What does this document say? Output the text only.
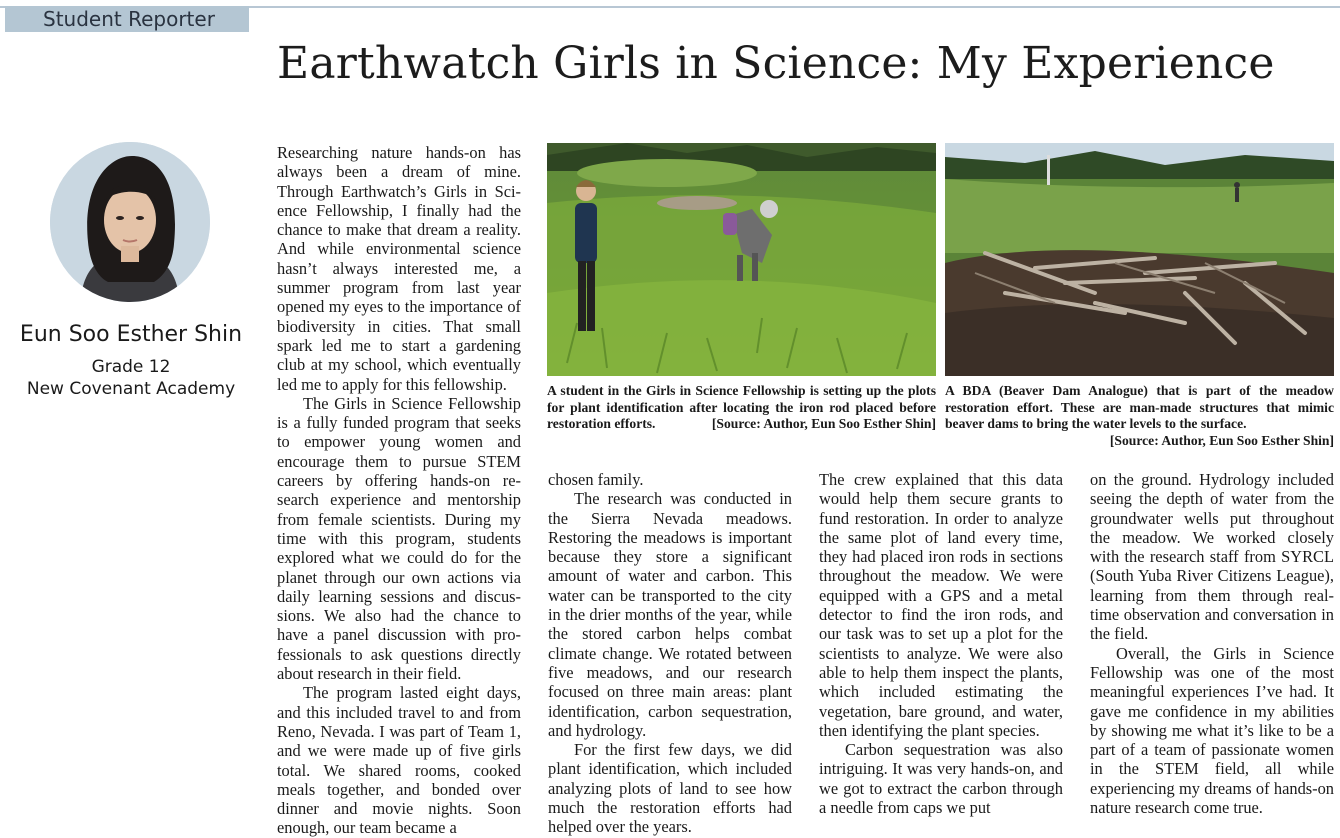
Student Reporter
Earthwatch Girls in Science: My Experience
Eun Soo Esther Shin
Grade 12
New Covenant Academy

Researching nature hands-on has always been a dream of mine. Through Earthwatch’s Girls in Science Fellowship, I finally had the chance to make that dream a reality. And while environmental science hasn’t always interested me, a summer program from last year opened my eyes to the importance of biodiversity in cities. That small spark led me to start a gardening club at my school, which eventually led me to apply for this fellowship.

The Girls in Science Fellowship is a fully funded program that seeks to empower young women and encourage them to pursue STEM careers by offering hands-on research experience and mentorship from female scientists. During my time with this program, students explored what we could do for the planet through our own actions via daily learning sessions and discussions. We also had the chance to have a panel discussion with professionals to ask questions directly about research in their field.

The program lasted eight days, and this included travel to and from Reno, Nevada. I was part of Team 1, and we were made up of five girls total. We shared rooms, cooked meals together, and bonded over dinner and movie nights. Soon enough, our team became a

A student in the Girls in Science Fellowship is setting up the plots for plant identification after locating the iron rod placed before restoration efforts.	[Source: Author, Eun Soo Esther Shin]
A BDA (Beaver Dam Analogue) that is part of the meadow restoration effort. These are man-made structures that mimic beaver dams to bring the water levels to the surface.
[Source: Author, Eun Soo Esther Shin]

chosen family.

The research was conducted in the Sierra Nevada meadows. Restoring the meadows is important because they store a significant amount of water and carbon. This water can be transported to the city in the drier months of the year, while the stored carbon helps combat climate change. We rotated between five meadows, and our research focused on three main areas: plant identification, carbon sequestration, and hydrology.

For the first few days, we did plant identification, which included analyzing plots of land to see how much the restoration efforts had helped over the years.

The crew explained that this data would help them secure grants to fund restoration. In order to analyze the same plot of land every time, they had placed iron rods in sections throughout the meadow. We were equipped with a GPS and a metal detector to find the iron rods, and our task was to set up a plot for the scientists to analyze. We were also able to help them inspect the plants, which included estimating the vegetation, bare ground, and water, then identifying the plant species.

Carbon sequestration was also intriguing. It was very hands-on, and we got to extract the carbon through a needle from caps we put

on the ground. Hydrology included seeing the depth of water from the groundwater wells put throughout the meadow. We worked closely with the research staff from SYRCL (South Yuba River Citizens League), learning from them through real-time observation and conversation in the field.

Overall, the Girls in Science Fellowship was one of the most meaningful experiences I’ve had. It gave me confidence in my abilities by showing me what it’s like to be a part of a team of passionate women in the STEM field, all while experiencing my dreams of hands-on nature research come true.
